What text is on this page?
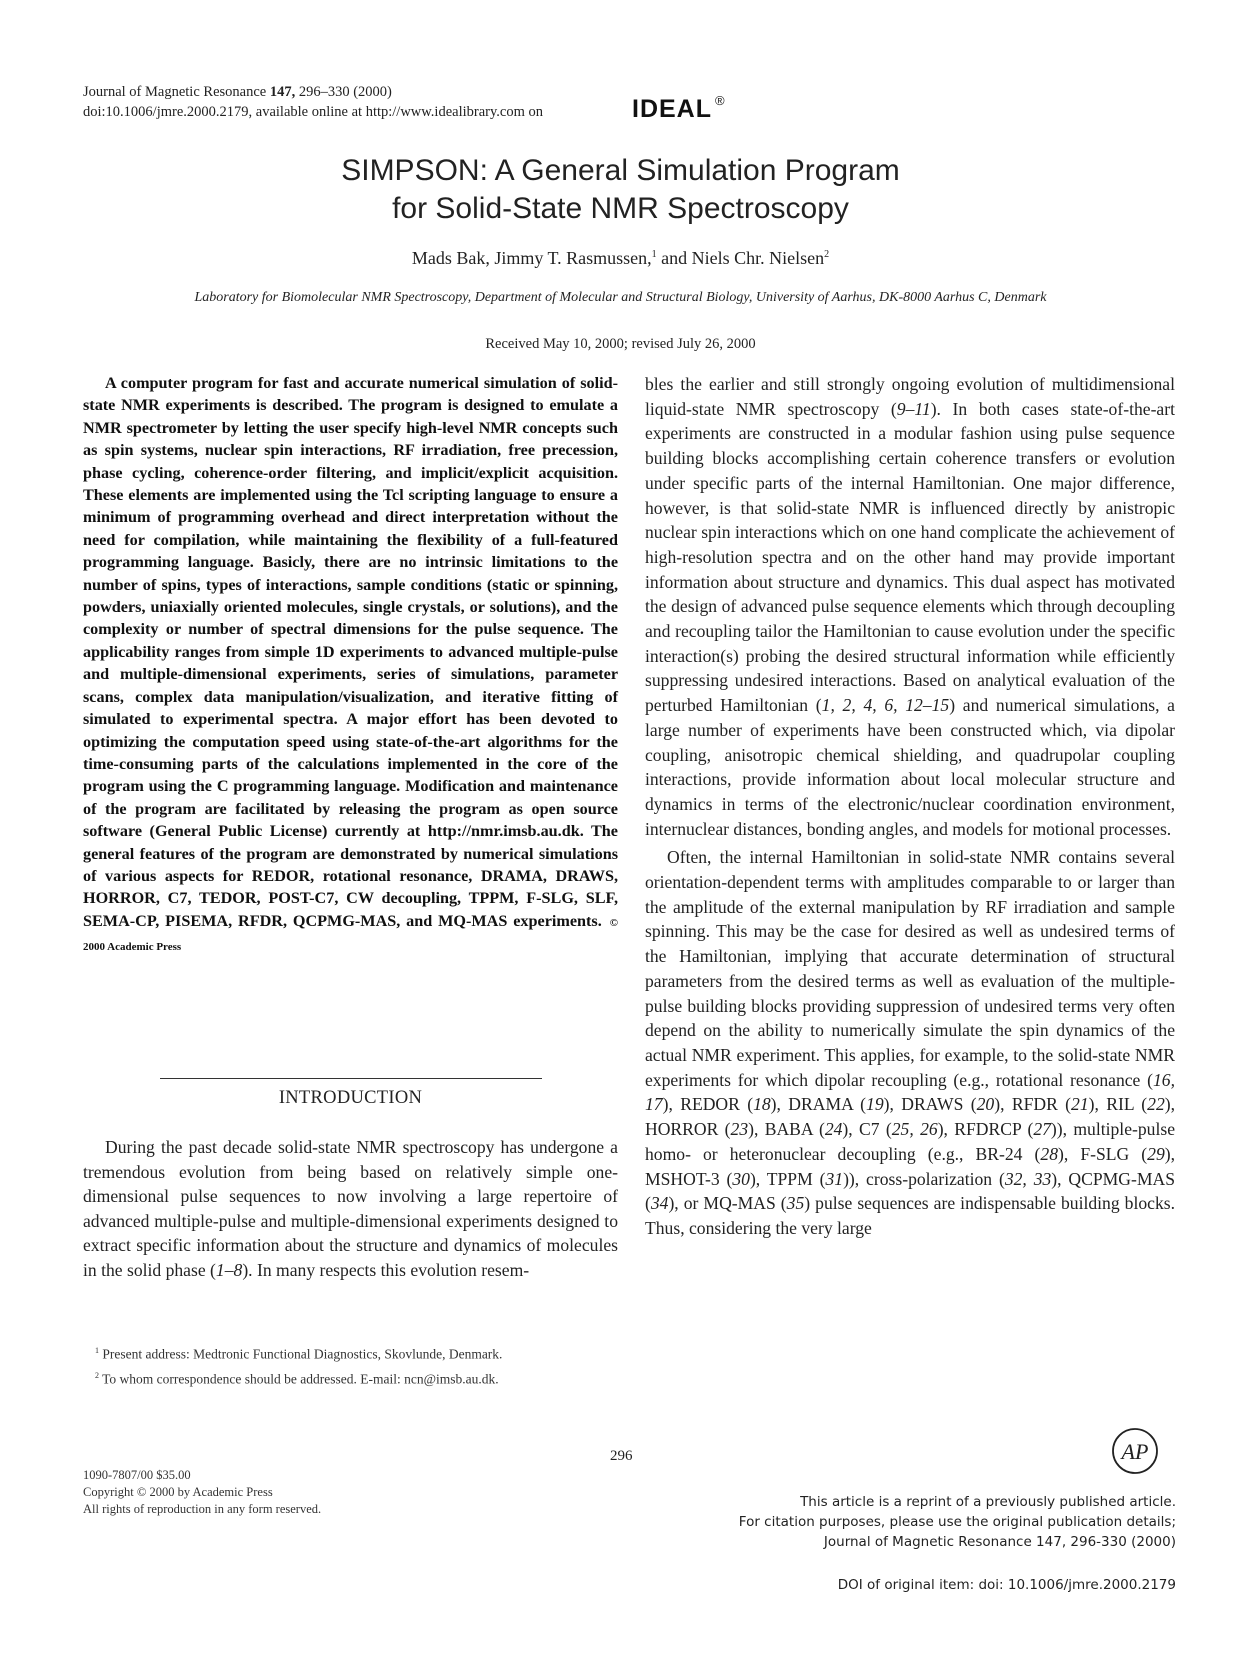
Journal of Magnetic Resonance 147, 296–330 (2000)
doi:10.1006/jmre.2000.2179, available online at http://www.idealibrary.com on	IDEAL ®
SIMPSON: A General Simulation Program
for Solid-State NMR Spectroscopy
Mads Bak, Jimmy T. Rasmussen,$^1$ and Niels Chr. Nielsen$^2$
Laboratory for Biomolecular NMR Spectroscopy, Department of Molecular and Structural Biology, University of Aarhus, DK-8000 Aarhus C, Denmark
Received May 10, 2000; revised July 26, 2000
A computer program for fast and accurate numerical simulation of solid-state NMR experiments is described. The program is designed to emulate a NMR spectrometer by letting the user specify high-level NMR concepts such as spin systems, nuclear spin interactions, RF irradiation, free precession, phase cycling, coherence-order filtering, and implicit/explicit acquisition. These elements are implemented using the Tcl scripting language to ensure a minimum of programming overhead and direct interpretation without the need for compilation, while maintaining the flexibility of a full-featured programming language. Basicly, there are no intrinsic limitations to the number of spins, types of interactions, sample conditions (static or spinning, powders, uniaxially oriented molecules, single crystals, or solutions), and the complexity or number of spectral dimensions for the pulse sequence. The applicability ranges from simple 1D experiments to advanced multiple-pulse and multiple-dimensional experiments, series of simulations, parameter scans, complex data manipulation/visualization, and iterative fitting of simulated to experimental spectra. A major effort has been devoted to optimizing the computation speed using state-of-the-art algorithms for the time-consuming parts of the calculations implemented in the core of the program using the C programming language. Modification and maintenance of the program are facilitated by releasing the program as open source software (General Public License) currently at http://nmr.imsb.au.dk. The general features of the program are demonstrated by numerical simulations of various aspects for REDOR, rotational resonance, DRAMA, DRAWS, HORROR, C7, TEDOR, POST-C7, CW decoupling, TPPM, F-SLG, SLF, SEMA-CP, PISEMA, RFDR, QCPMG-MAS, and MQ-MAS experiments. © 2000 Academic Press
INTRODUCTION
During the past decade solid-state NMR spectroscopy has undergone a tremendous evolution from being based on relatively simple one-dimensional pulse sequences to now involving a large repertoire of advanced multiple-pulse and multiple-dimensional experiments designed to extract specific information about the structure and dynamics of molecules in the solid phase (1–8). In many respects this evolution resem-
$^1$ Present address: Medtronic Functional Diagnostics, Skovlunde, Denmark.
$^2$ To whom correspondence should be addressed. E-mail: ncn@imsb.au.dk.

bles the earlier and still strongly ongoing evolution of multidimensional liquid-state NMR spectroscopy (9–11). In both cases state-of-the-art experiments are constructed in a modular fashion using pulse sequence building blocks accomplishing certain coherence transfers or evolution under specific parts of the internal Hamiltonian. One major difference, however, is that solid-state NMR is influenced directly by anistropic nuclear spin interactions which on one hand complicate the achievement of high-resolution spectra and on the other hand may provide important information about structure and dynamics. This dual aspect has motivated the design of advanced pulse sequence elements which through decoupling and recoupling tailor the Hamiltonian to cause evolution under the specific interaction(s) probing the desired structural information while efficiently suppressing undesired interactions. Based on analytical evaluation of the perturbed Hamiltonian (1, 2, 4, 6, 12–15) and numerical simulations, a large number of experiments have been constructed which, via dipolar coupling, anisotropic chemical shielding, and quadrupolar coupling interactions, provide information about local molecular structure and dynamics in terms of the electronic/nuclear coordination environment, internuclear distances, bonding angles, and models for motional processes.

Often, the internal Hamiltonian in solid-state NMR contains several orientation-dependent terms with amplitudes comparable to or larger than the amplitude of the external manipulation by RF irradiation and sample spinning. This may be the case for desired as well as undesired terms of the Hamiltonian, implying that accurate determination of structural parameters from the desired terms as well as evaluation of the multiple-pulse building blocks providing suppression of undesired terms very often depend on the ability to numerically simulate the spin dynamics of the actual NMR experiment. This applies, for example, to the solid-state NMR experiments for which dipolar recoupling (e.g., rotational resonance (16, 17), REDOR (18), DRAMA (19), DRAWS (20), RFDR (21), RIL (22), HORROR (23), BABA (24), C7 (25, 26), RFDRCP (27)), multiple-pulse homo- or heteronuclear decoupling (e.g., BR-24 (28), F-SLG (29), MSHOT-3 (30), TPPM (31)), cross-polarization (32, 33), QCPMG-MAS (34), or MQ-MAS (35) pulse sequences are indispensable building blocks. Thus, considering the very large

296
1090-7807/00 $35.00
Copyright © 2000 by Academic Press
All rights of reproduction in any form reserved.
AP
This article is a reprint of a previously published article.
For citation purposes, please use the original publication details;
Journal of Magnetic Resonance 147, 296-330 (2000)
DOI of original item: doi: 10.1006/jmre.2000.2179
